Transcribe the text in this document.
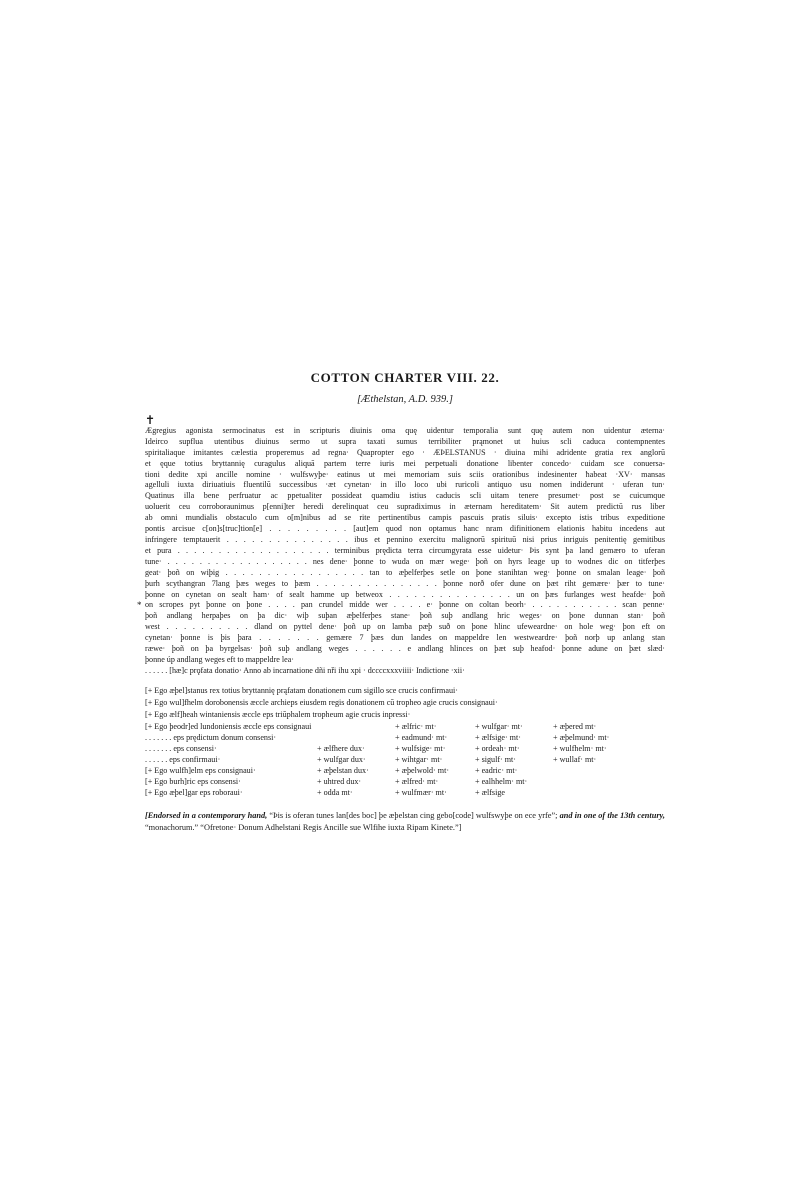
COTTON CHARTER VIII. 22.
[Æthelstan, A.D. 939.]
✝
Ægregius agonista sermocinatus est in scripturis diuinis oma quę uidentur temporalia sunt quę autem non uidentur æterna·
Ideirco supflua utentibus diuinus sermo ut supra taxati sumus terribiliter prąmonet ut huius scli caduca contempnentes
spiritaliaque imitantes cælestia properemus ad regna· Quapropter ego · ÆÞELSTANUS · diuina mihi adridente gratia rex anglorū
et ęque totius bryttannię curagulus aliquā partem terre iuris mei perpetuali donatione libenter concedo· cuidam sce conuersa-
tioni dedite xpi ancille nomine · wulfswyþe· eatinus ut mei memoriam suis sciis orationibus indesinenter ħabeat ·XV· mansas
agelluli iuxta diriuatiuis fluentilū successibus ·æt cynetan· in illo loco ubi ruricoli antiquo usu nomen indiderunt · uferan tun·
Quatinus illa bene perfruatur ac ppetualiter possideat quamdiu istius caducis scli uitam tenere presumet· post se cuicumque
uoluerit ceu corroboraunimus p[enni]ter heredi derelinquat ceu supradiximus in æternam hereditatem· Sit autem predictū rus liber
ab omni mundialis obstaculo cum o[m]nibus ad se rite pertinentibus campis pascuis pratis siluis· excepto istis tribus expeditione
pontis arcisue c[on]s[truc]tion[e] . . . . . . . . . [aut]em quod non optamus hanc nram difinitionem elationis habitu incedens aut
infringere temptauerit . . . . . . . . . . . . . . . ibus et pennino exercitu malignorū spirituū nisi prius inriguis penitentię gemitibus
et pura . . . . . . . . . . . . . . . . . . . terminibus prędicta terra circumgyrata esse uidetur· Þis synt þa land gemæro to uferan
tune· . . . . . . . . . . . . . . . . . . nes dene· þonne to wuda on mær wege· þoñ on hyrs leage up to wodnes dic on titferþes
geat· þoñ on wiþig . . . . . . . . . . . . . . . . . tan to æþelferþes setle on þone stanihtan weg· þonne on smalan leage· þoñ
þurh scythangran 7lang þæs weges to þæm . . . . . . . . . . . . . . . þonne norð ofer dune on þæt riht gemære· þær to tune·
þonne on cynetan on sealt ham· of sealt hamme up betweox . . . . . . . . . . . . . . . un on þæs furlanges west heafde· þoñ
on scropes pyt þonne on þone . . . . pan crundel midde wer . . . . e· þonne on coltan beorh· . . . . . . . . . . . scan penne·
*
þoñ andlang herpaþes on þa dic· wiþ suþan æþelferþes stane· þoñ suþ andlang hric weges· on þone dunnan stan· þoñ
west . . . . . . . . . . dland on pyttel dene· þoñ up on lamba pæþ suð on þone hlinc ufeweardne· on hole weg· þon eft on
cynetan· þonne is þis þara . . . . . . . gemære 7 þæs dun landes on mappeldre len westweardre· þoñ norþ up anlang stan
ræwe· þoñ on þa byrgelsas· þoñ suþ andlang weges . . . . . . e andlang hlinces on þæt suþ heafod· þonne adune on þæt slæd·
þonne úp andlang weges eft to mappeldre lea·
. . . . . . [hæ]c prǫfata donatio· Anno ab incarnatione dñi nři ihu xpi · dccccxxxviiii· Indictione ·xii·
[+ Ego æþel]stanus rex totius bryttannię prąfatam donationem cum sigillo sce crucis confirmaui·
[+ Ego wul]fhelm dorobonensis æccle archieps eiusdem regis donationem cū tropheo agie crucis consignaui·
[+ Ego ælf]heah wintaniensis æccle eps triūphalem tropheum agie crucis inpressi·
[+ Ego þeodr]ed lundoniensis æccle eps consignaui		+ ælfric· mt·	+ wulfgar· mt·	+ æþered mt·
. . . . . . . eps prędictum donum consensi·		+ eadmund· mt·	+ ælfsige· mt·	+ æþelmund· mt·
. . . . . . . eps consensi·	+ ælfhere dux·	+ wulfsige· mt·	+ ordeah· mt·	+ wulfhelm· mt·
. . . . . . eps confirmaui·	+ wulfgar dux·	+ wihtgar· mt·	+ sigulf· mt·	+ wullaf· mt·
[+ Ego wulfh]elm eps consignaui·	+ æþelstan dux·	+ æþelwold· mt·	+ eadric· mt·	
[+ Ego burh]ric eps consensi·	+ uhtred dux·	+ ælfred· mt·	+ ealhhelm· mt·	
[+ Ego æþel]gar eps roboraui·	+ odda mt·	+ wulfmær· mt·	+ ælfsige	
[Endorsed in a contemporary hand, “Þis is oferan tunes lan[des boc] þe æþelstan cing gebo[code] wulfswyþe on ece yrfe”; and in one of the 13th century, “monachorum.” “Ofretone· Donum Adhelstani Regis Ancille sue Wlfihe iuxta Ripam Kinete.”]
